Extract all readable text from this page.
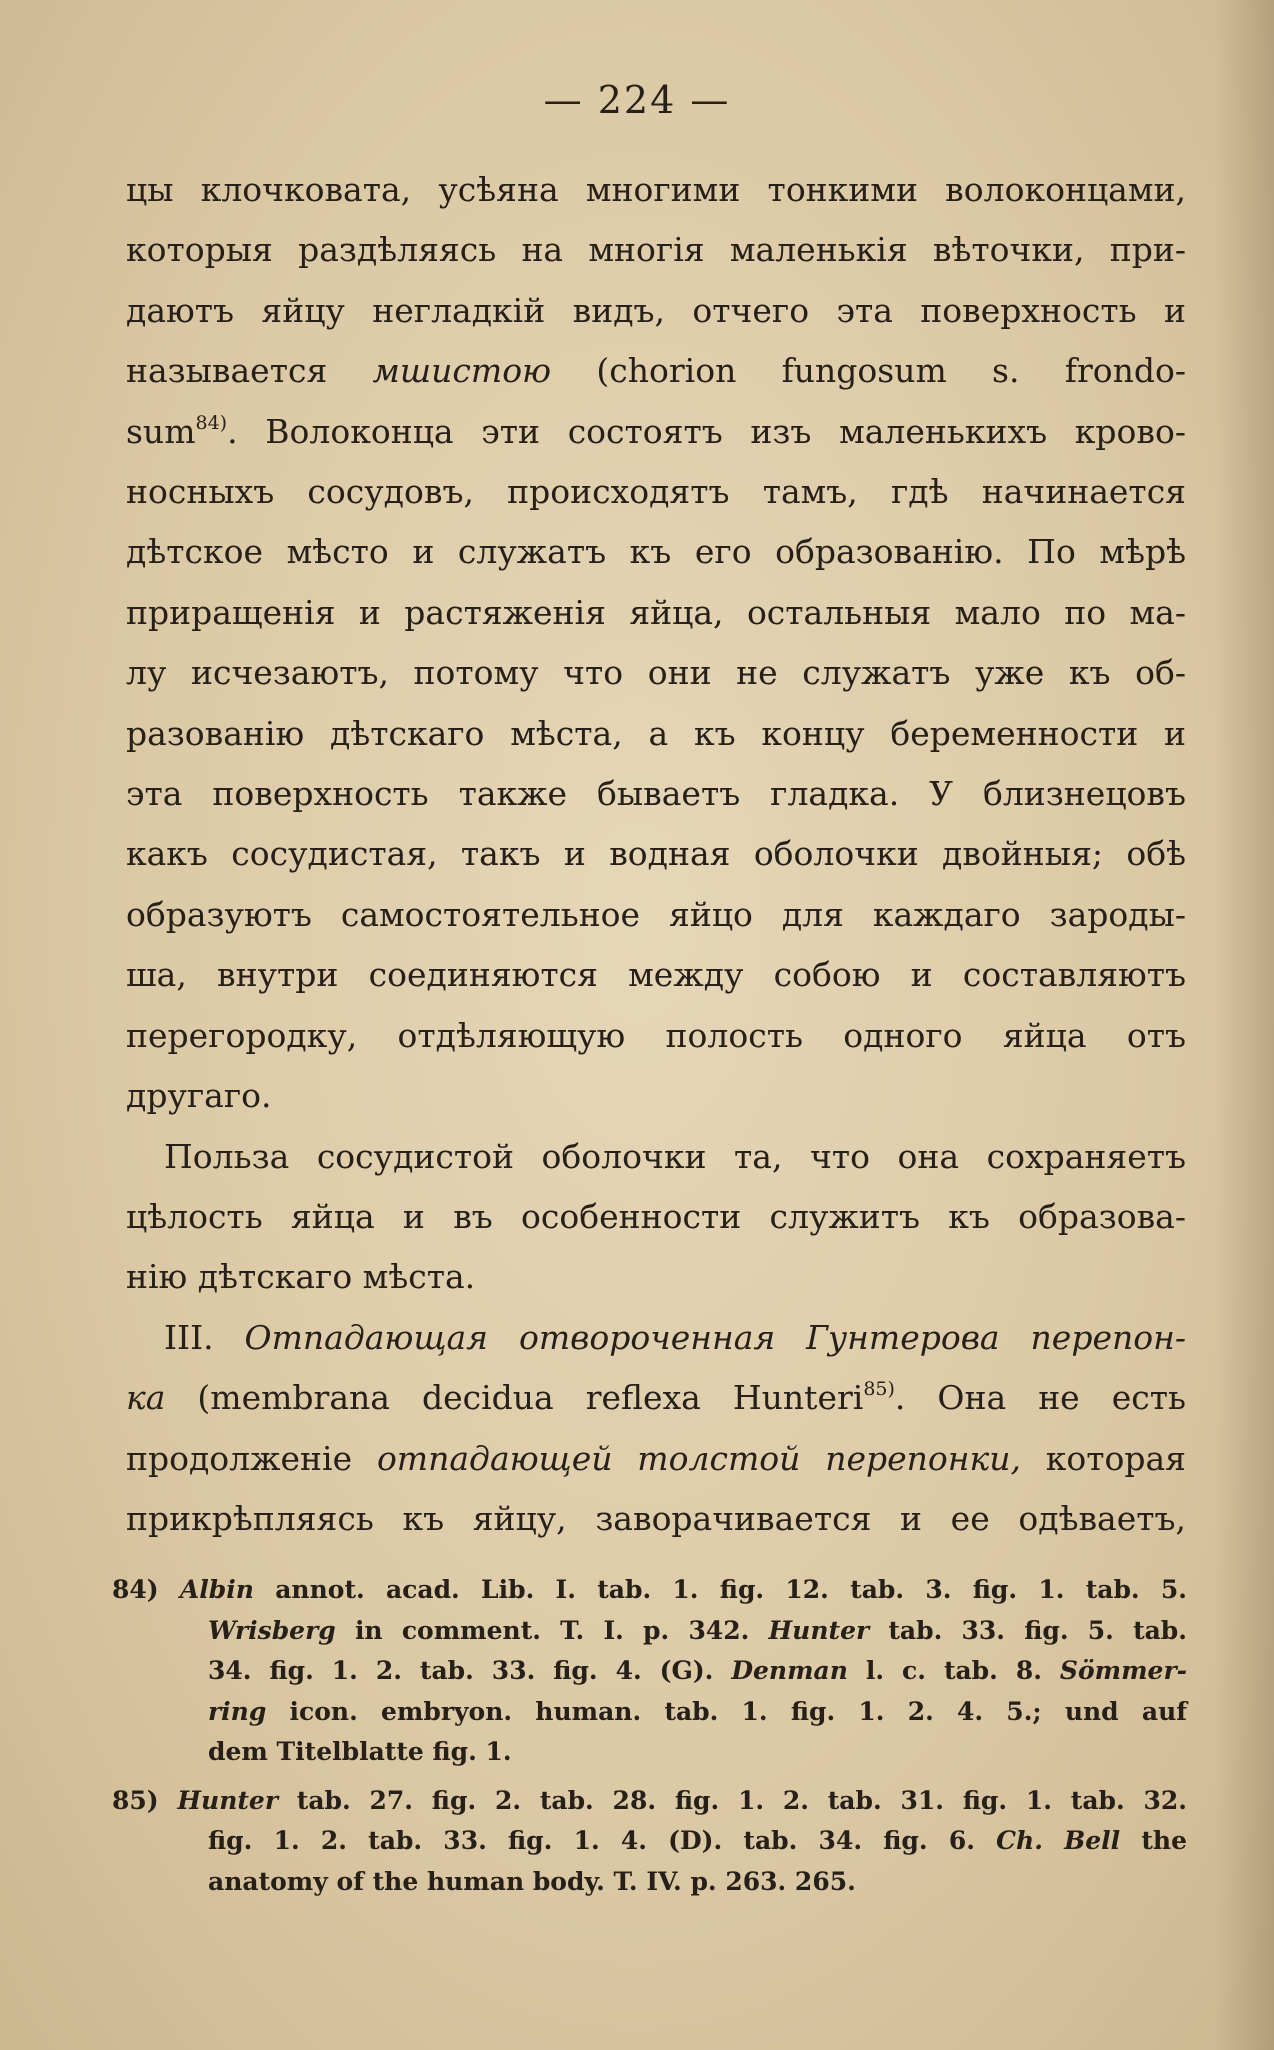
— 224 —
цы клочковата, усѣяна многими тонкими волоконцами,
которыя раздѣляясь на многія маленькія вѣточки, при-
даютъ яйцу негладкій видъ, отчего эта поверхность и
называется мшистою (chorion fungosum s. frondo-
sum$^{84)}$. Волоконца эти состоятъ изъ маленькихъ крово-
носныхъ сосудовъ, происходятъ тамъ, гдѣ начинается
дѣтское мѣсто и служатъ къ его образованію. По мѣрѣ
приращенія и растяженія яйца, остальныя мало по ма-
лу исчезаютъ, потому что они не служатъ уже къ об-
разованію дѣтскаго мѣста, а къ концу беременности и
эта поверхность также бываетъ гладка. У близнецовъ
какъ сосудистая, такъ и водная оболочки двойныя; обѣ
образуютъ самостоятельное яйцо для каждаго зароды-
ша, внутри соединяются между собою и составляютъ
перегородку, отдѣляющую полость одного яйца отъ
другаго.
Польза сосудистой оболочки та, что она сохраняетъ
цѣлость яйца и въ особенности служитъ къ образова-
нію дѣтскаго мѣста.
III. Отпадающая отвороченная Гунтерова перепон-
ка (membrana decidua reflexa Hunteri$^{85)}$. Она не есть
продолженіе отпадающей толстой перепонки, которая
прикрѣпляясь къ яйцу, заворачивается и ее одѣваетъ,
84) Albin annot. acad. Lib. I. tab. 1. fig. 12. tab. 3. fig. 1. tab. 5.
Wrisberg in comment. T. I. p. 342. Hunter tab. 33. fig. 5. tab.
34. fig. 1. 2. tab. 33. fig. 4. (G). Denman l. c. tab. 8. Sömmer-
ring icon. embryon. human. tab. 1. fig. 1. 2. 4. 5.; und auf
dem Titelblatte fig. 1.
85) Hunter tab. 27. fig. 2. tab. 28. fig. 1. 2. tab. 31. fig. 1. tab. 32.
fig. 1. 2. tab. 33. fig. 1. 4. (D). tab. 34. fig. 6. Ch. Bell the
anatomy of the human body. T. IV. p. 263. 265.
